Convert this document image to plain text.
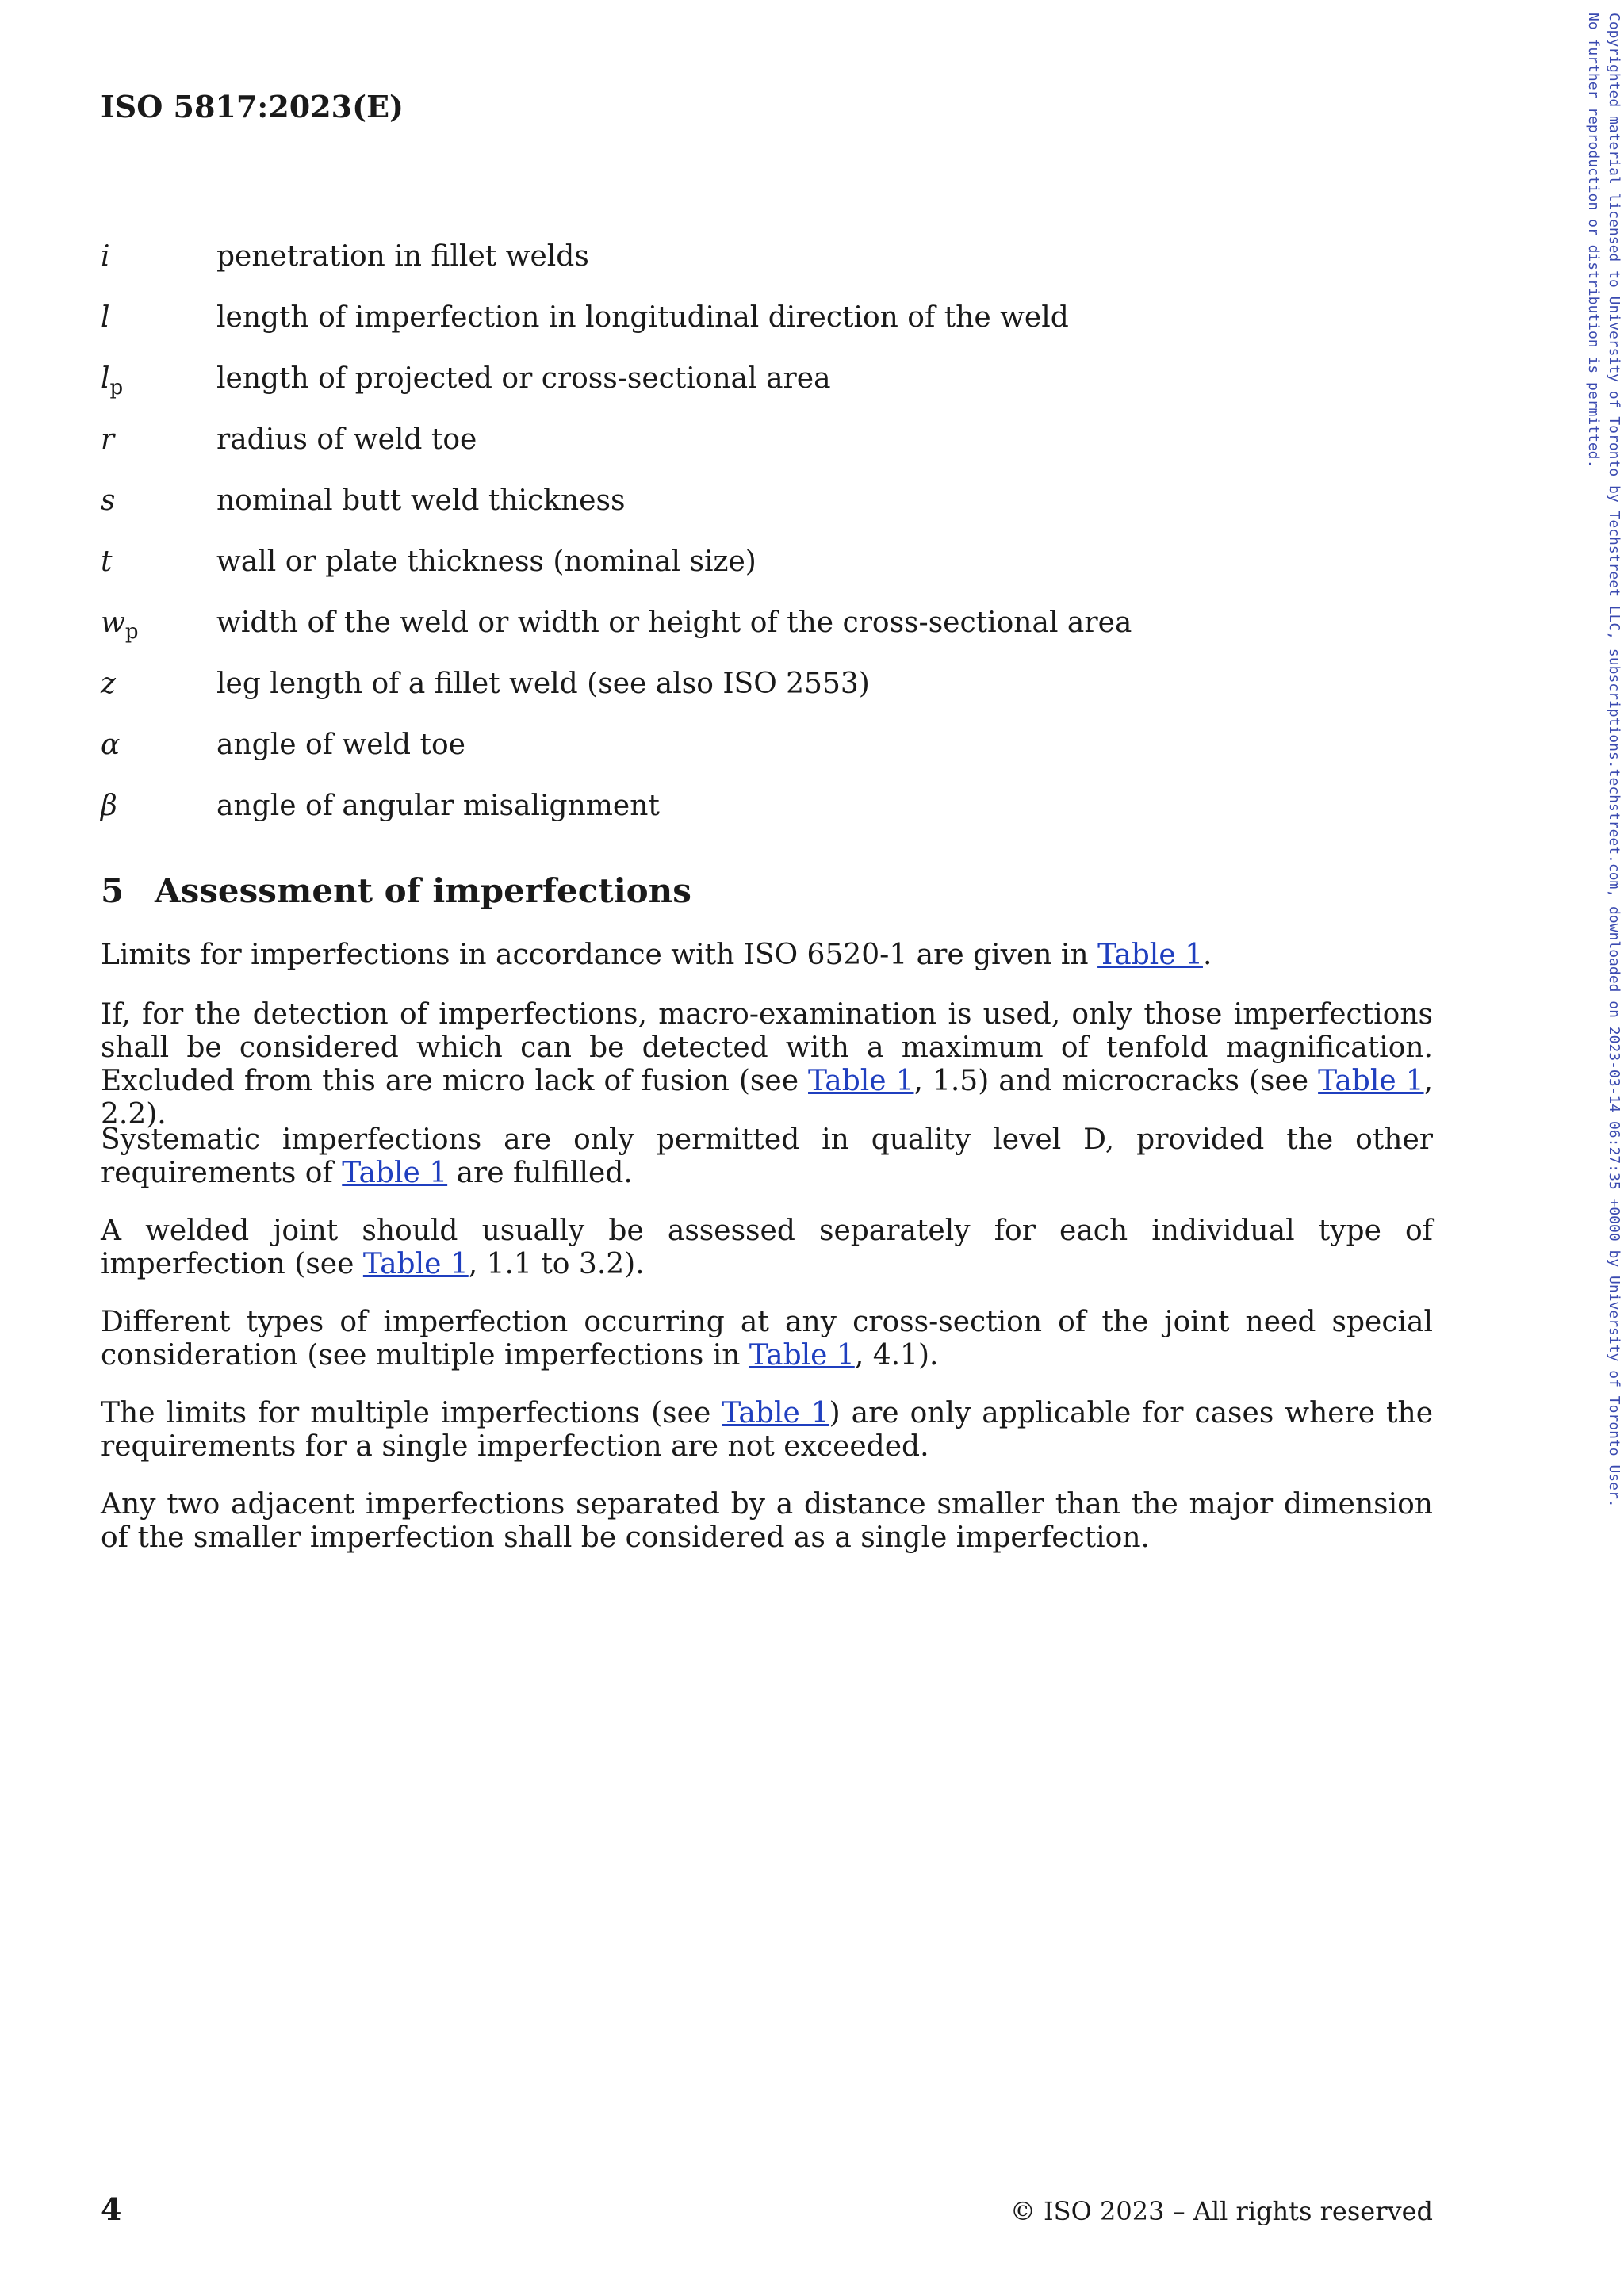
ISO 5817:2023(E)
i	penetration in fillet welds
l	length of imperfection in longitudinal direction of the weld
$l_p$	length of projected or cross-sectional area
r	radius of weld toe
s	nominal butt weld thickness
t	wall or plate thickness (nominal size)
$w_p$	width of the weld or width or height of the cross-sectional area
z	leg length of a fillet weld (see also ISO 2553)
α	angle of weld toe
β	angle of angular misalignment
5 Assessment of imperfections
Limits for imperfections in accordance with ISO 6520-1 are given in Table 1.
If, for the detection of imperfections, macro-examination is used, only those imperfections shall be considered which can be detected with a maximum of tenfold magnification. Excluded from this are micro lack of fusion (see Table 1, 1.5) and microcracks (see Table 1, 2.2).
Systematic imperfections are only permitted in quality level D, provided the other requirements of Table 1 are fulfilled.
A welded joint should usually be assessed separately for each individual type of imperfection (see Table 1, 1.1 to 3.2).
Different types of imperfection occurring at any cross-section of the joint need special consideration (see multiple imperfections in Table 1, 4.1).
The limits for multiple imperfections (see Table 1) are only applicable for cases where the requirements for a single imperfection are not exceeded.
Any two adjacent imperfections separated by a distance smaller than the major dimension of the smaller imperfection shall be considered as a single imperfection.
4	© ISO 2023 – All rights reserved
Copyrighted material licensed to University of Toronto by Techstreet LLC, subscriptions.techstreet.com, downloaded on 2023-03-14 06:27:35 +0000 by University of Toronto User.
No further reproduction or distribution is permitted.
